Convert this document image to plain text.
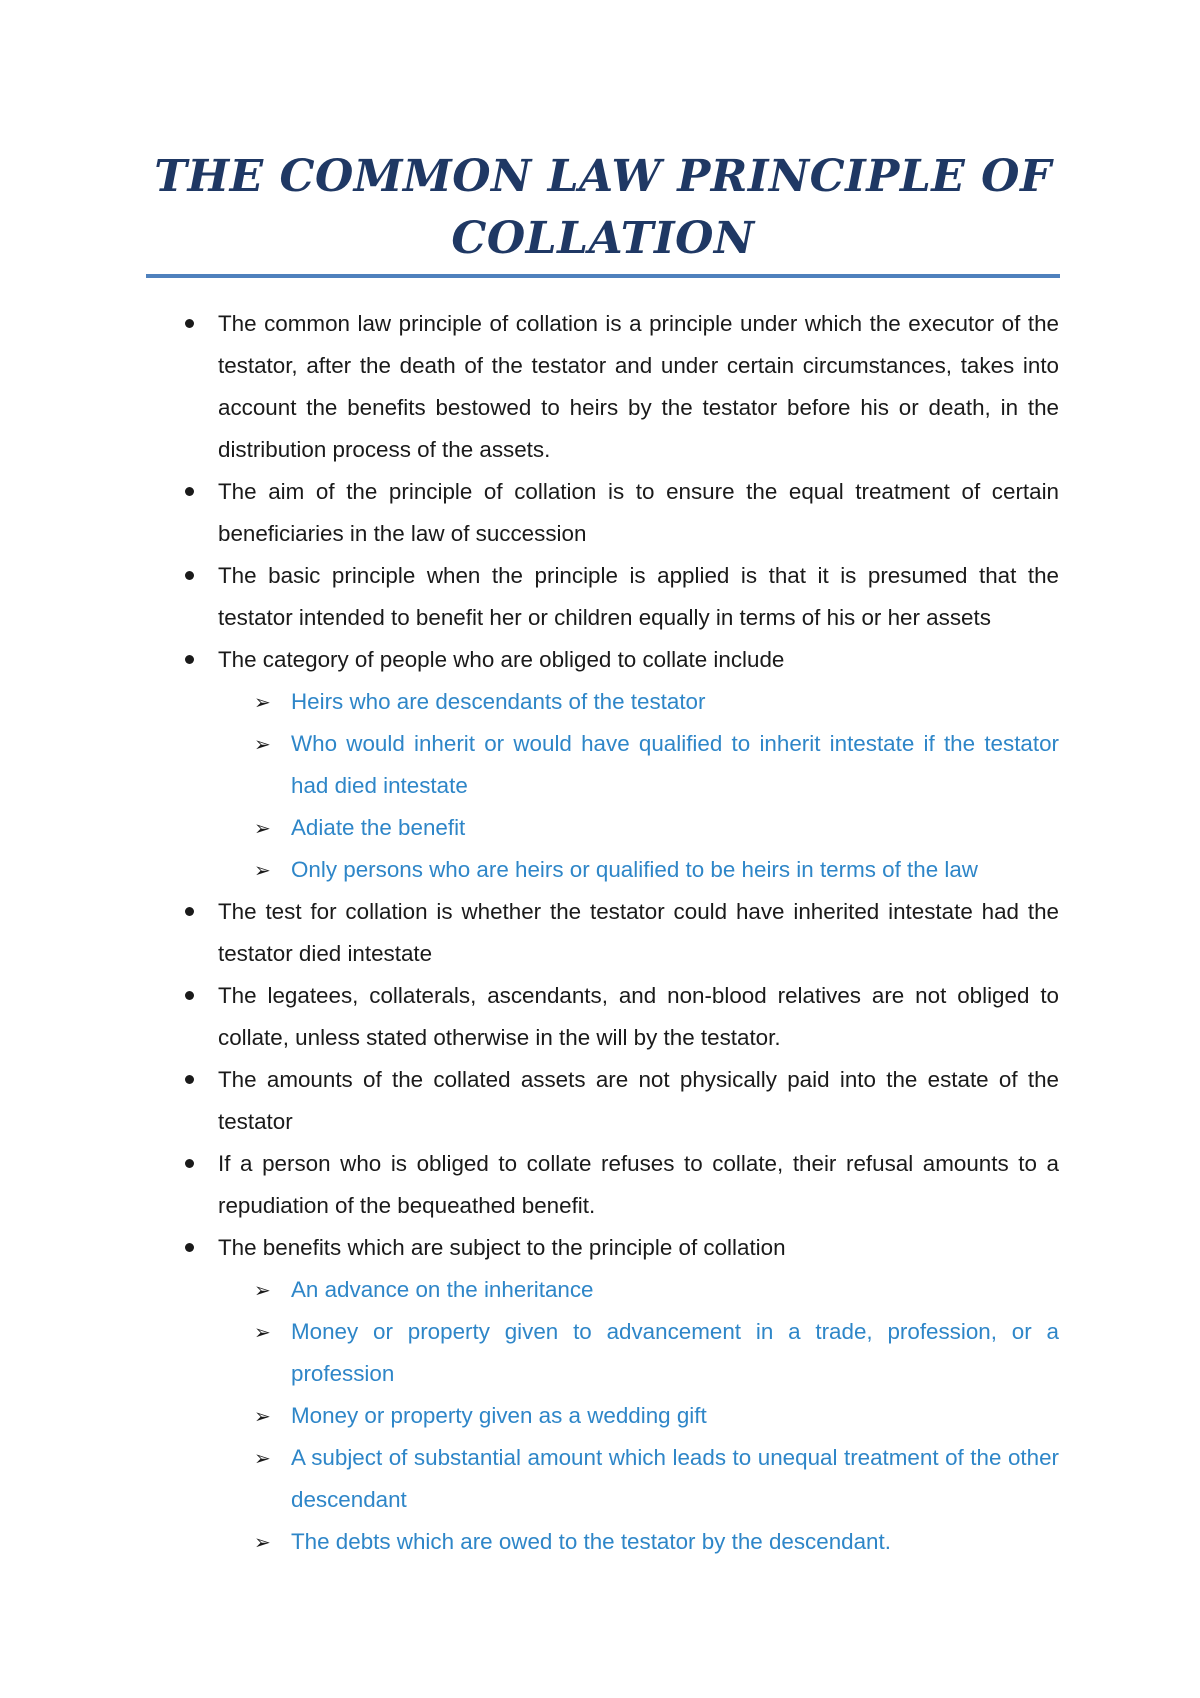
THE COMMON LAW PRINCIPLE OF COLLATION

The common law principle of collation is a principle under which the executor of the testator, after the death of the testator and under certain circumstances, takes into account the benefits bestowed to heirs by the testator before his or death, in the distribution process of the assets.

The aim of the principle of collation is to ensure the equal treatment of certain beneficiaries in the law of succession

The basic principle when the principle is applied is that it is presumed that the testator intended to benefit her or children equally in terms of his or her assets

The category of people who are obliged to collate include

➢ Heirs who are descendants of the testator

➢ Who would inherit or would have qualified to inherit intestate if the testator had died intestate

➢ Adiate the benefit

➢ Only persons who are heirs or qualified to be heirs in terms of the law

The test for collation is whether the testator could have inherited intestate had the testator died intestate

The legatees, collaterals, ascendants, and non-blood relatives are not obliged to collate, unless stated otherwise in the will by the testator.

The amounts of the collated assets are not physically paid into the estate of the testator

If a person who is obliged to collate refuses to collate, their refusal amounts to a repudiation of the bequeathed benefit.

The benefits which are subject to the principle of collation

➢ An advance on the inheritance

➢ Money or property given to advancement in a trade, profession, or a profession

➢ Money or property given as a wedding gift

➢ A subject of substantial amount which leads to unequal treatment of the other descendant

➢ The debts which are owed to the testator by the descendant.
